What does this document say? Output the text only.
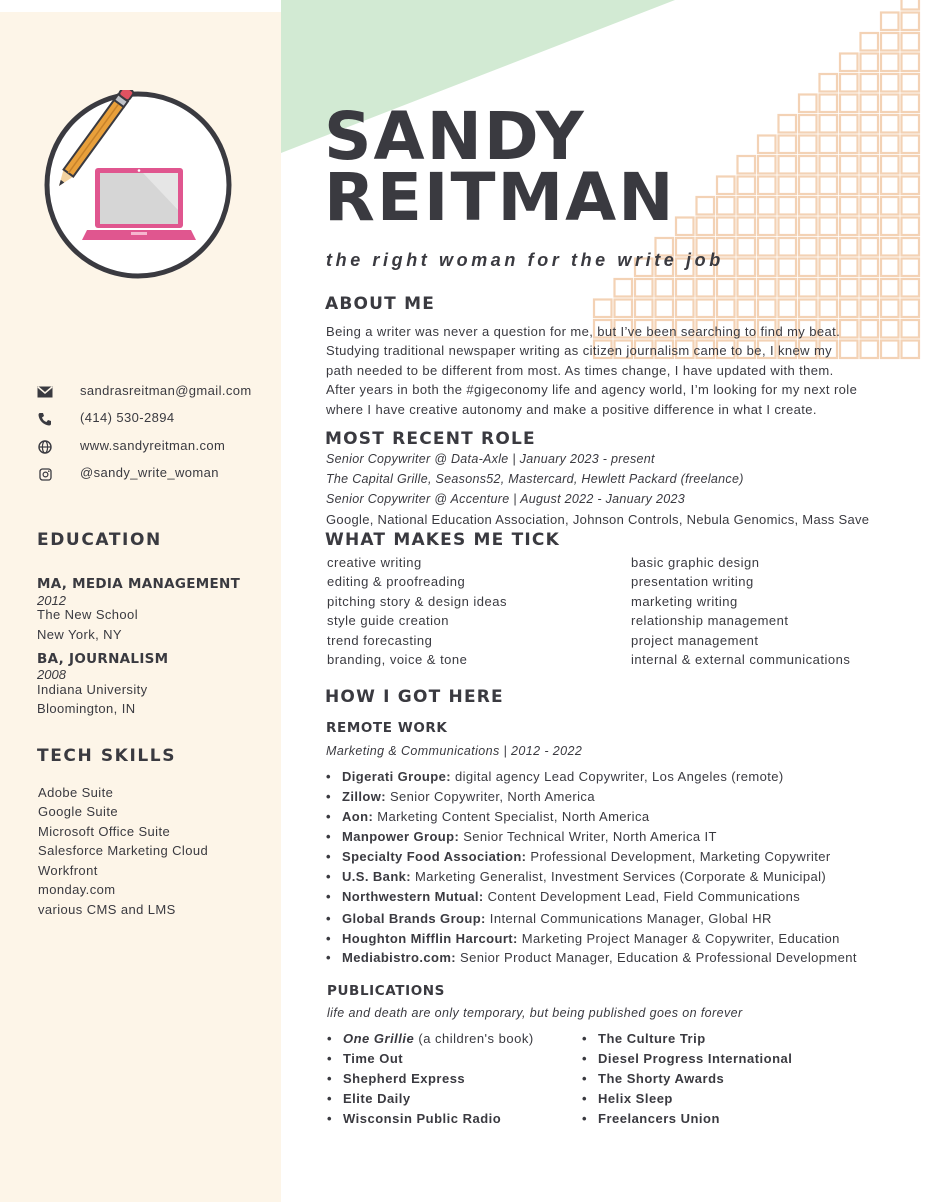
sandrasreitman@gmail.com
(414) 530-2894
www.sandyreitman.com
@sandy_write_woman
EDUCATION
MA, MEDIA MANAGEMENT
2012
The New School
New York, NY
BA, JOURNALISM
2008
Indiana University
Bloomington, IN
TECH SKILLS
Adobe Suite
Google Suite
Microsoft Office Suite
Salesforce Marketing Cloud
Workfront
monday.com
various CMS and LMS
SANDY
REITMAN
the right woman for the write job
ABOUT ME
Being a writer was never a question for me, but I’ve been searching to find my beat.
Studying traditional newspaper writing as citizen journalism came to be, I knew my
path needed to be different from most. As times change, I have updated with them.
After years in both the #gigeconomy life and agency world, I’m looking for my next role
where I have creative autonomy and make a positive difference in what I create.
MOST RECENT ROLE
Senior Copywriter @ Data-Axle | January 2023 - present
The Capital Grille, Seasons52, Mastercard, Hewlett Packard (freelance)
Senior Copywriter @ Accenture | August 2022 - January 2023
Google, National Education Association, Johnson Controls, Nebula Genomics, Mass Save
WHAT MAKES ME TICK
creative writing
editing & proofreading
pitching story & design ideas
style guide creation
trend forecasting
branding, voice & tone
basic graphic design
presentation writing
marketing writing
relationship management
project management
internal & external communications
HOW I GOT HERE
REMOTE WORK
Marketing & Communications | 2012 - 2022
• Digerati Groupe: digital agency Lead Copywriter, Los Angeles (remote)
• Zillow: Senior Copywriter, North America
• Aon: Marketing Content Specialist, North America
• Manpower Group: Senior Technical Writer, North America IT
• Specialty Food Association: Professional Development, Marketing Copywriter
• U.S. Bank: Marketing Generalist, Investment Services (Corporate & Municipal)
• Northwestern Mutual: Content Development Lead, Field Communications
• Global Brands Group: Internal Communications Manager, Global HR
• Houghton Mifflin Harcourt: Marketing Project Manager & Copywriter, Education
• Mediabistro.com: Senior Product Manager, Education & Professional Development
PUBLICATIONS
life and death are only temporary, but being published goes on forever
• One Grillie (a children's book)
• Time Out
• Shepherd Express
• Elite Daily
• Wisconsin Public Radio
• The Culture Trip
• Diesel Progress International
• The Shorty Awards
• Helix Sleep
• Freelancers Union
